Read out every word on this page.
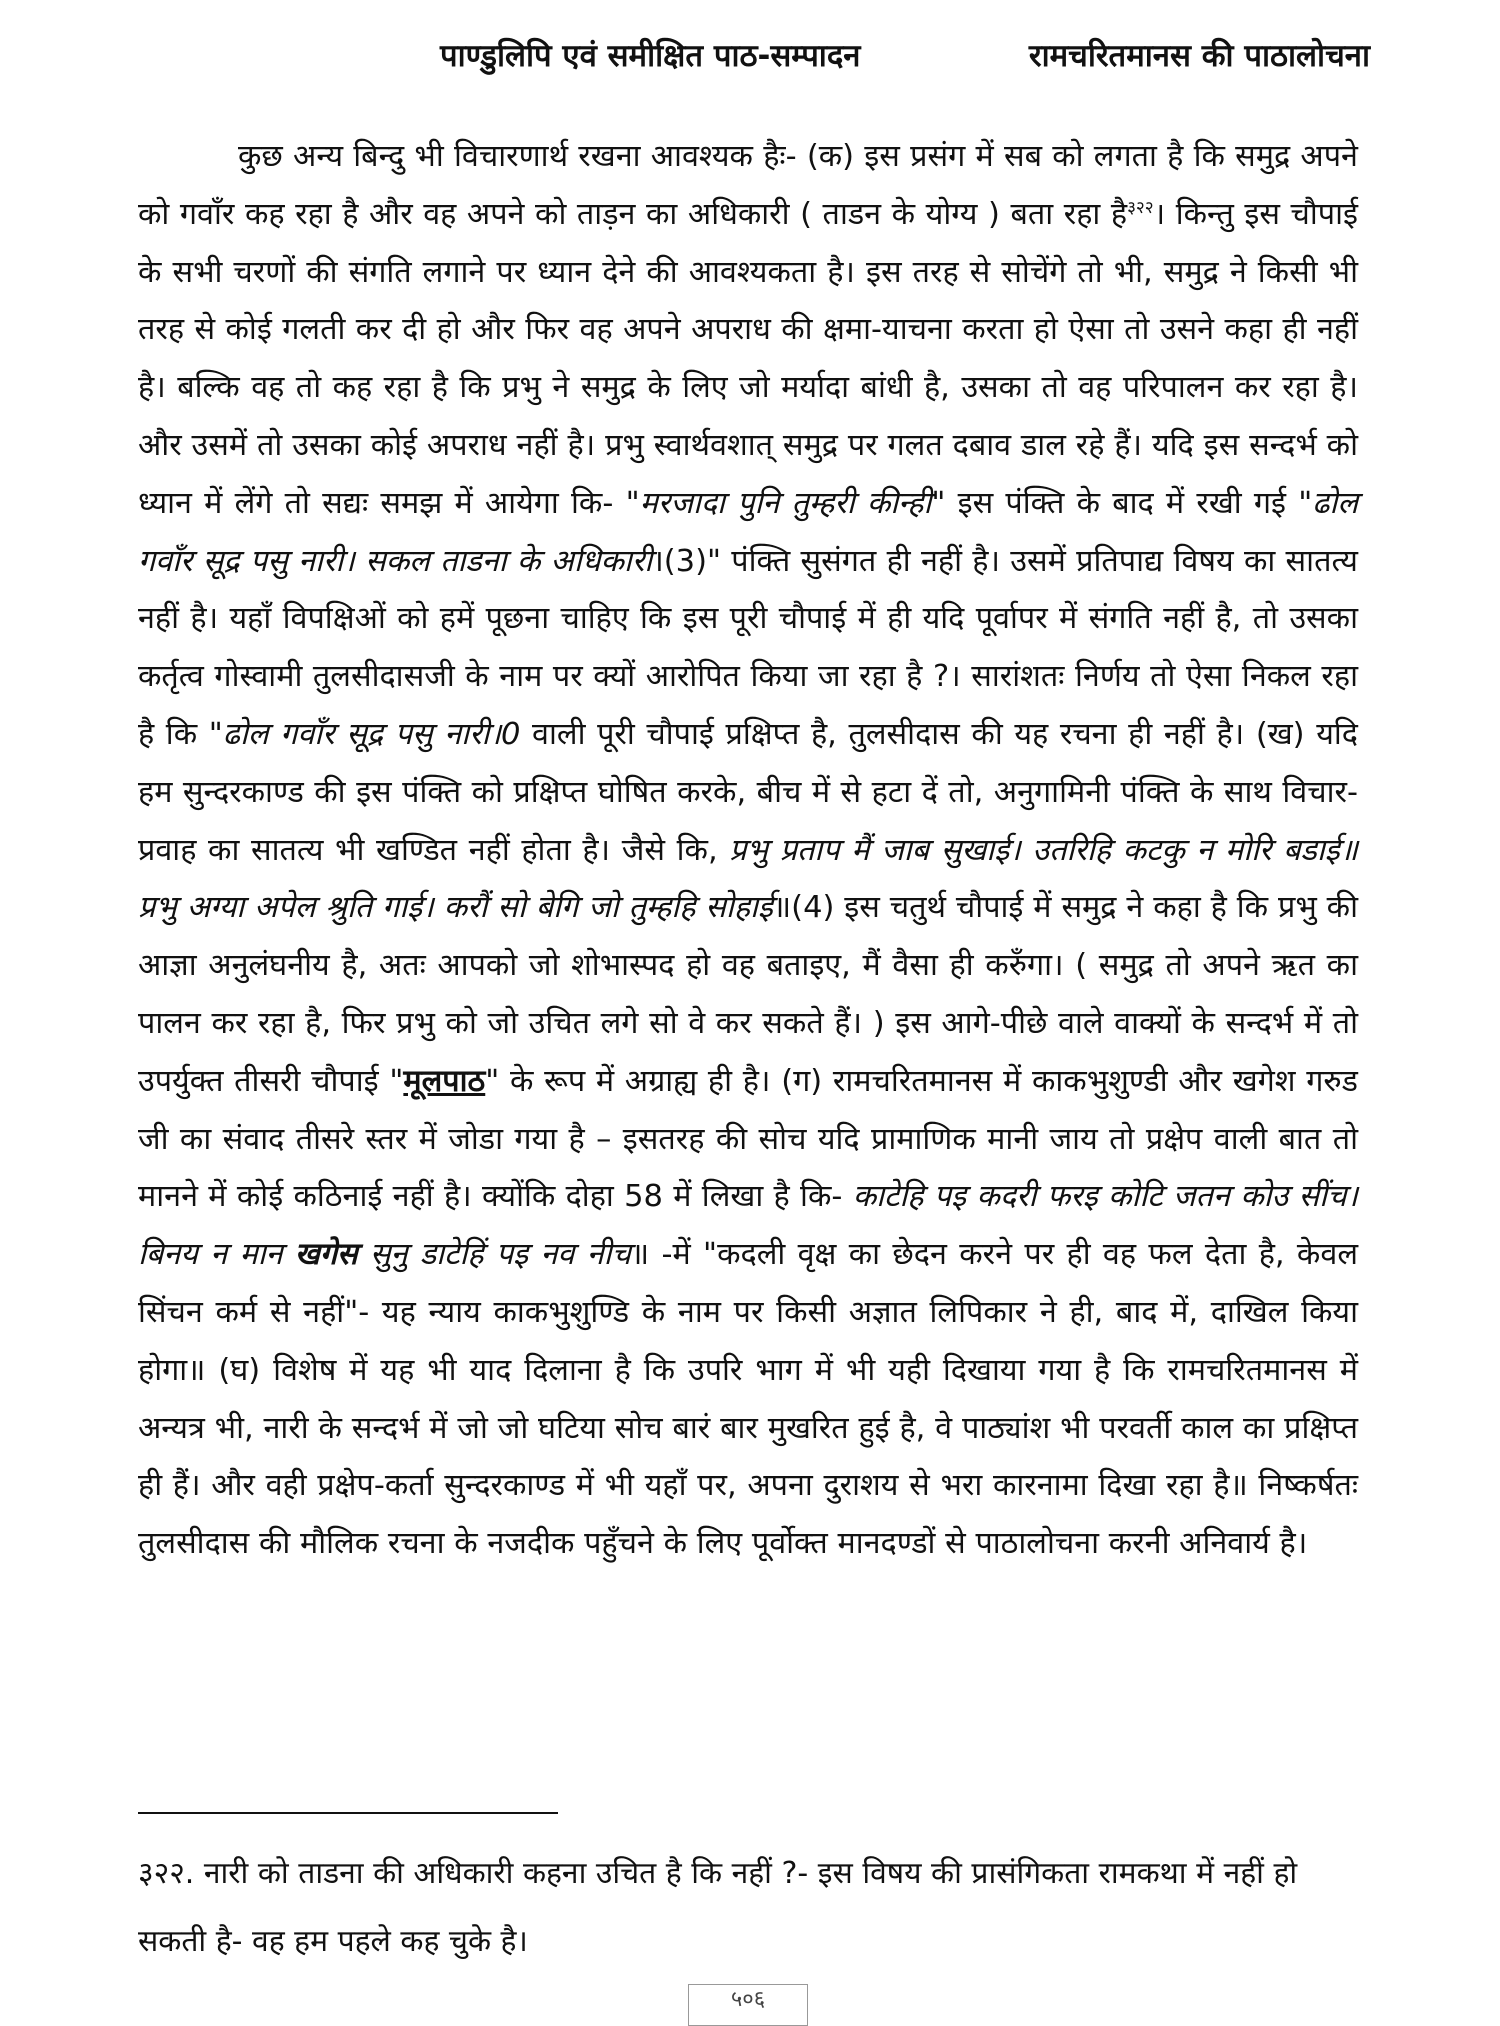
पाण्डुलिपि एवं समीक्षित पाठ-सम्पादन	रामचरितमानस की पाठालोचना

कुछ अन्य बिन्दु भी विचारणार्थ रखना आवश्यक हैः- (क) इस प्रसंग में सब को लगता है कि समुद्र अपने को गवाँर कह रहा है और वह अपने को ताड़न का अधिकारी ( ताडन के योग्य ) बता रहा है$^{३२२}$। किन्तु इस चौपाई के सभी चरणों की संगति लगाने पर ध्यान देने की आवश्यकता है। इस तरह से सोचेंगे तो भी, समुद्र ने किसी भी तरह से कोई गलती कर दी हो और फिर वह अपने अपराध की क्षमा-याचना करता हो ऐसा तो उसने कहा ही नहीं है। बल्कि वह तो कह रहा है कि प्रभु ने समुद्र के लिए जो मर्यादा बांधी है, उसका तो वह परिपालन कर रहा है। और उसमें तो उसका कोई अपराध नहीं है। प्रभु स्वार्थवशात् समुद्र पर गलत दबाव डाल रहे हैं। यदि इस सन्दर्भ को ध्यान में लेंगे तो सद्यः समझ में आयेगा कि- "मरजादा पुनि तुम्हरी कीन्ही" इस पंक्ति के बाद में रखी गई "ढोल गवाँर सूद्र पसु नारी। सकल ताडना के अधिकारी।(3)" पंक्ति सुसंगत ही नहीं है। उसमें प्रतिपाद्य विषय का सातत्य नहीं है। यहाँ विपक्षिओं को हमें पूछना चाहिए कि इस पूरी चौपाई में ही यदि पूर्वापर में संगति नहीं है, तो उसका कर्तृत्व गोस्वामी तुलसीदासजी के नाम पर क्यों आरोपित किया जा रहा है ?। सारांशतः निर्णय तो ऐसा निकल रहा है कि "ढोल गवाँर सूद्र पसु नारी।0 वाली पूरी चौपाई प्रक्षिप्त है, तुलसीदास की यह रचना ही नहीं है। (ख) यदि हम सुन्दरकाण्ड की इस पंक्ति को प्रक्षिप्त घोषित करके, बीच में से हटा दें तो, अनुगामिनी पंक्ति के साथ विचार-प्रवाह का सातत्य भी खण्डित नहीं होता है। जैसे कि, प्रभु प्रताप मैं जाब सुखाई। उतरिहि कटकु न मोरि बडाई॥ प्रभु अग्या अपेल श्रुति गाई। करौं सो बेगि जो तुम्हहि सोहाई॥(4) इस चतुर्थ चौपाई में समुद्र ने कहा है कि प्रभु की आज्ञा अनुलंघनीय है, अतः आपको जो शोभास्पद हो वह बताइए, मैं वैसा ही करुँगा। ( समुद्र तो अपने ऋत का पालन कर रहा है, फिर प्रभु को जो उचित लगे सो वे कर सकते हैं। ) इस आगे-पीछे वाले वाक्यों के सन्दर्भ में तो उपर्युक्त तीसरी चौपाई "मूलपाठ" के रूप में अग्राह्य ही है। (ग) रामचरितमानस में काकभुशुण्डी और खगेश गरुड जी का संवाद तीसरे स्तर में जोडा गया है – इसतरह की सोच यदि प्रामाणिक मानी जाय तो प्रक्षेप वाली बात तो मानने में कोई कठिनाई नहीं है। क्योंकि दोहा 58 में लिखा है कि- काटेहि पइ कदरी फरइ कोटि जतन कोउ सींच। बिनय न मान खगेस सुनु डाटेहिं पइ नव नीच॥ -में "कदली वृक्ष का छेदन करने पर ही वह फल देता है, केवल सिंचन कर्म से नहीं"- यह न्याय काकभुशुण्डि के नाम पर किसी अज्ञात लिपिकार ने ही, बाद में, दाखिल किया होगा॥ (घ) विशेष में यह भी याद दिलाना है कि उपरि भाग में भी यही दिखाया गया है कि रामचरितमानस में अन्यत्र भी, नारी के सन्दर्भ में जो जो घटिया सोच बारं बार मुखरित हुई है, वे पाठ्यांश भी परवर्ती काल का प्रक्षिप्त ही हैं। और वही प्रक्षेप-कर्ता सुन्दरकाण्ड में भी यहाँ पर, अपना दुराशय से भरा कारनामा दिखा रहा है॥ निष्कर्षतः तुलसीदास की मौलिक रचना के नजदीक पहुँचने के लिए पूर्वोक्त मानदण्डों से पाठालोचना करनी अनिवार्य है।

३२२. नारी को ताडना की अधिकारी कहना उचित है कि नहीं ?- इस विषय की प्रासंगिकता रामकथा में नहीं हो सकती है- वह हम पहले कह चुके है।

५०६
